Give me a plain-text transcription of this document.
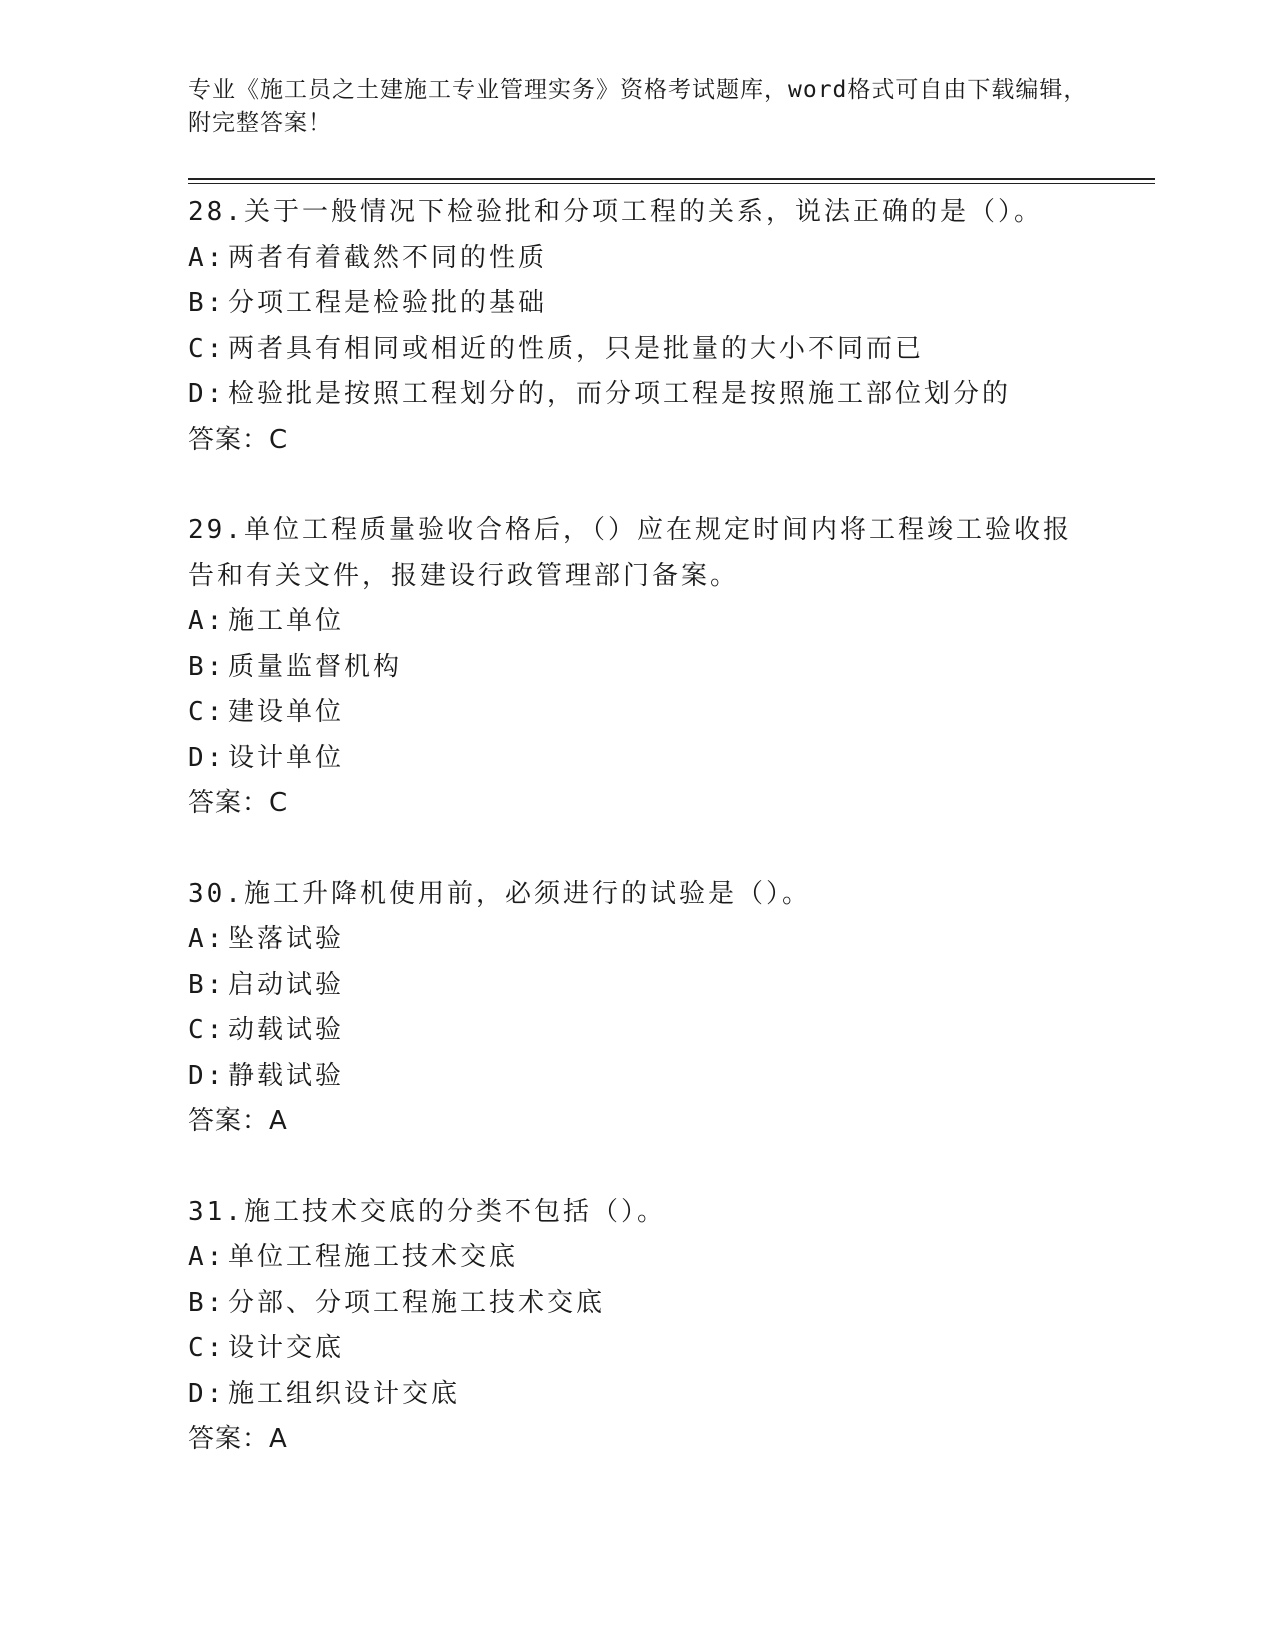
专业《施工员之土建施工专业管理实务》资格考试题库，word格式可自由下载编辑，附完整答案！
28.关于一般情况下检验批和分项工程的关系，说法正确的是（）。
A: 两者有着截然不同的性质
B: 分项工程是检验批的基础
C: 两者具有相同或相近的性质，只是批量的大小不同而已
D: 检验批是按照工程划分的，而分项工程是按照施工部位划分的
答案：C
29.单位工程质量验收合格后，（）应在规定时间内将工程竣工验收报告和有关文件，报建设行政管理部门备案。
A: 施工单位
B: 质量监督机构
C: 建设单位
D: 设计单位
答案：C
30.施工升降机使用前，必须进行的试验是（）。
A: 坠落试验
B: 启动试验
C: 动载试验
D: 静载试验
答案：A
31.施工技术交底的分类不包括（）。
A: 单位工程施工技术交底
B: 分部、分项工程施工技术交底
C: 设计交底
D: 施工组织设计交底
答案：A
